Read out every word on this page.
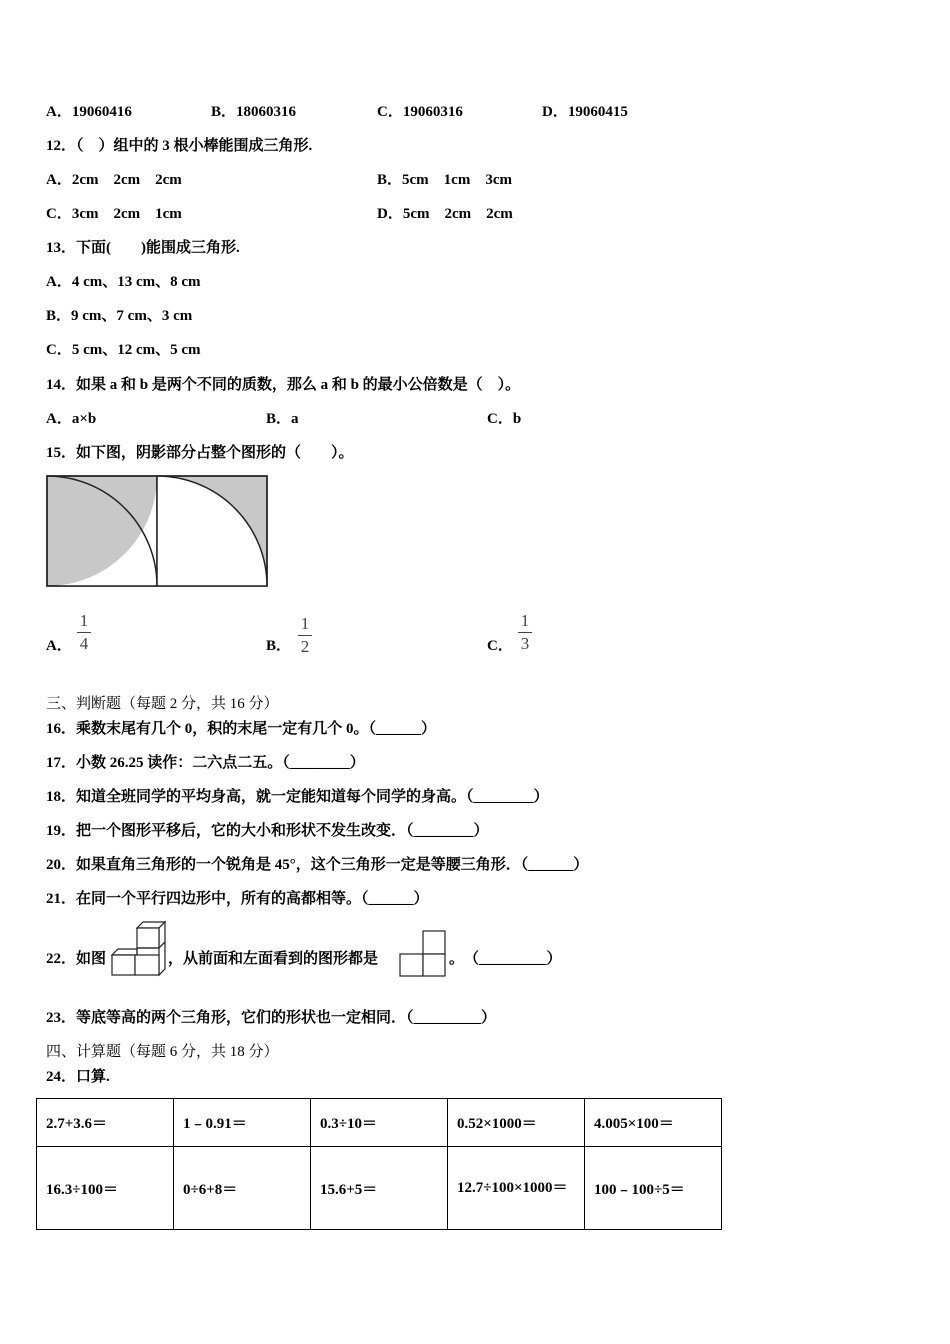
A．19060416	B．18060316	C．19060316	D．19060415
12．（　）组中的 3 根小棒能围成三角形.
A．2cm　2cm　2cm	B．5cm　1cm　3cm
C．3cm　2cm　1cm	D．5cm　2cm　2cm
13．下面(　　)能围成三角形.
A．4 cm、13 cm、8 cm
B．9 cm、7 cm、3 cm
C．5 cm、12 cm、5 cm
14．如果 a 和 b 是两个不同的质数，那么 a 和 b 的最小公倍数是（　）。
A．a×b	B．a	C．b
15．如下图，阴影部分占整个图形的（　　）。
A．
1
4	B．
1
2	C．
1
3
三、判断题（每题 2 分，共 16 分）
16．乘数末尾有几个 0，积的末尾一定有几个 0。（______）
17．小数 26.25 读作：二六点二五。（________）
18．知道全班同学的平均身高，就一定能知道每个同学的身高。（________）
19．把一个图形平移后，它的大小和形状不发生改变．（________）
20．如果直角三角形的一个锐角是 45°，这个三角形一定是等腰三角形．（______）
21．在同一个平行四边形中，所有的高都相等。（______）
22．如图	，从前面和左面看到的图形都是	。　（_________）
23．等底等高的两个三角形，它们的形状也一定相同．（_________）
四、计算题（每题 6 分，共 18 分）
24．口算.
2.7+3.6＝	1﹣0.91＝	0.3÷10＝	0.52×1000＝	4.005×100＝
16.3÷100＝	0÷6+8＝	15.6+5＝	12.7÷100×1000＝	100﹣100÷5＝
